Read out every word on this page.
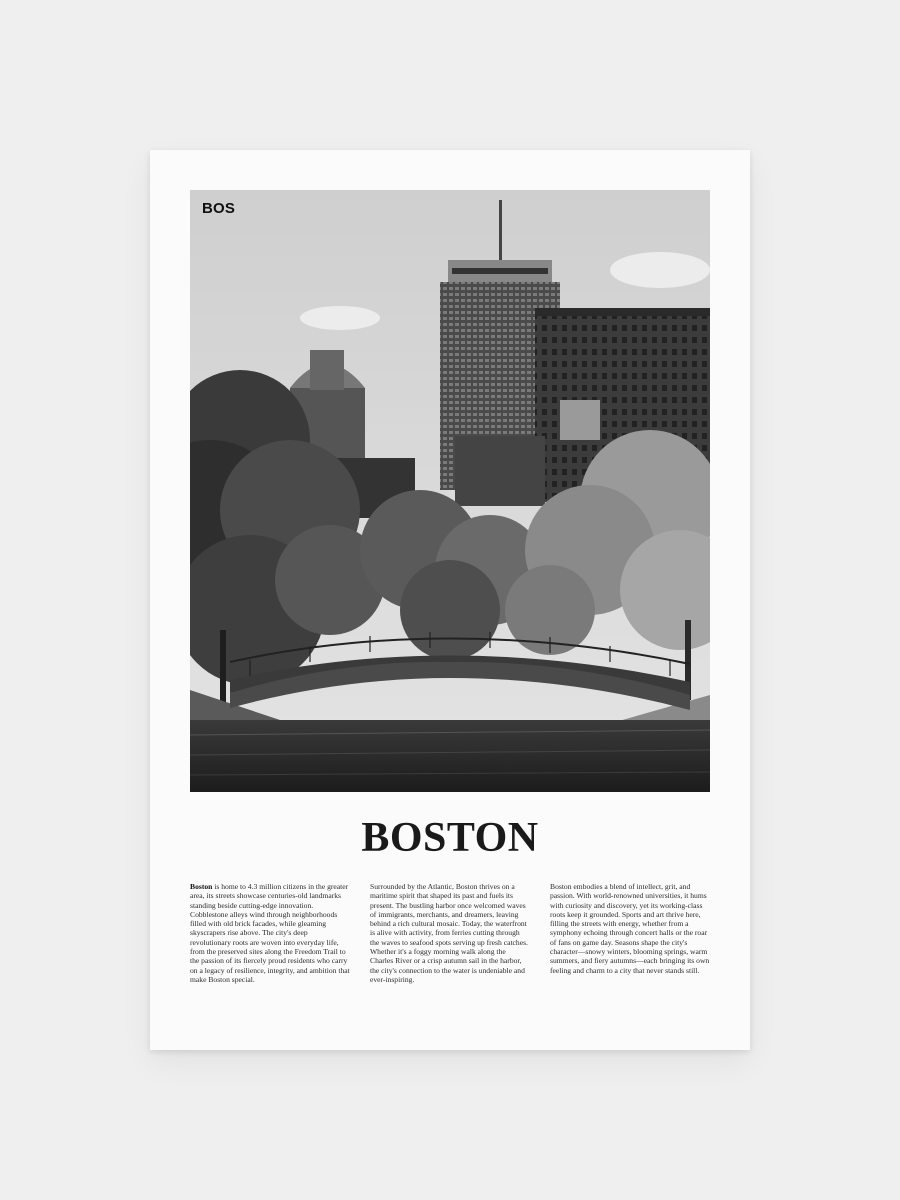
BOS
BOSTON
Boston is home to 4.3 million citizens in the greater area, its streets showcase centuries-old landmarks standing beside cutting-edge innovation. Cobblestone alleys wind through neighborhoods filled with old brick facades, while gleaming skyscrapers rise above. The city's deep revolutionary roots are woven into everyday life, from the preserved sites along the Freedom Trail to the passion of its fiercely proud residents who carry on a legacy of resilience, integrity, and ambition that make Boston special.
Surrounded by the Atlantic, Boston thrives on a maritime spirit that shaped its past and fuels its present. The bustling harbor once welcomed waves of immigrants, merchants, and dreamers, leaving behind a rich cultural mosaic. Today, the waterfront is alive with activity, from ferries cutting through the waves to seafood spots serving up fresh catches. Whether it's a foggy morning walk along the Charles River or a crisp autumn sail in the harbor, the city's connection to the water is undeniable and ever-inspiring.
Boston embodies a blend of intellect, grit, and passion. With world-renowned universities, it hums with curiosity and discovery, yet its working-class roots keep it grounded. Sports and art thrive here, filling the streets with energy, whether from a symphony echoing through concert halls or the roar of fans on game day. Seasons shape the city's character—snowy winters, blooming springs, warm summers, and fiery autumns—each bringing its own feeling and charm to a city that never stands still.
